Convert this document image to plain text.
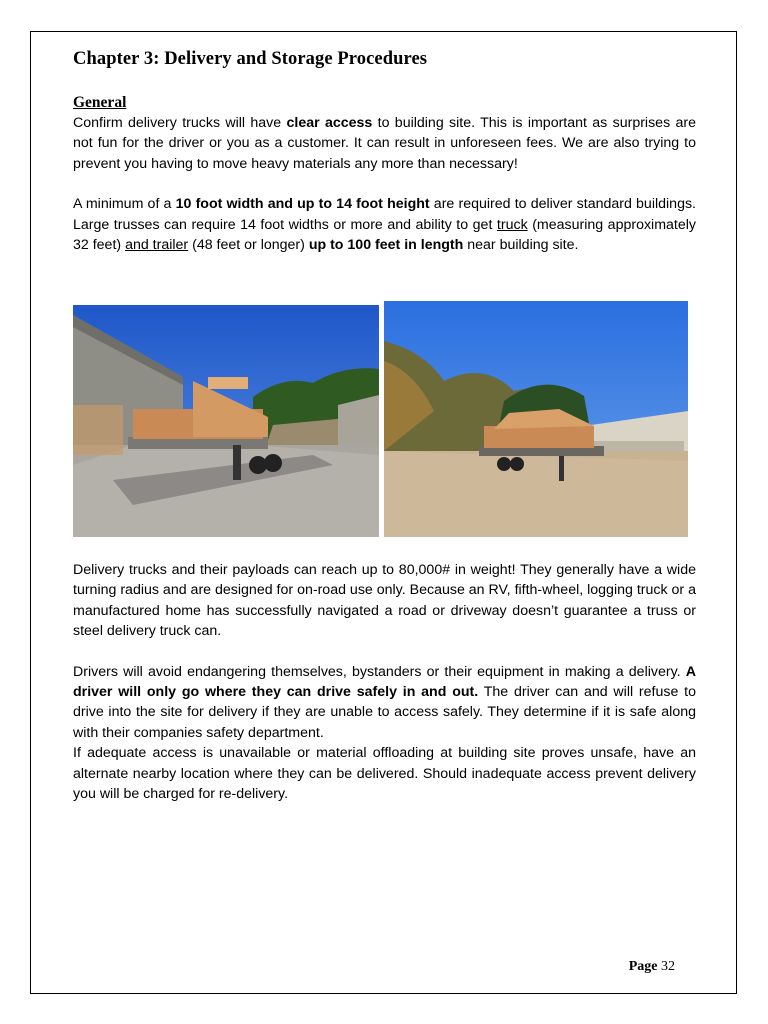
Chapter 3: Delivery and Storage Procedures
General

Confirm delivery trucks will have clear access to building site. This is important as surprises are not fun for the driver or you as a customer. It can result in unforeseen fees. We are also trying to prevent you having to move heavy materials any more than necessary!

A minimum of a 10 foot width and up to 14 foot height are required to deliver standard buildings. Large trusses can require 14 foot widths or more and ability to get truck (measuring approximately 32 feet) and trailer (48 feet or longer) up to 100 feet in length near building site.

Delivery trucks and their payloads can reach up to 80,000# in weight! They generally have a wide turning radius and are designed for on-road use only. Because an RV, fifth-wheel, logging truck or a manufactured home has successfully navigated a road or driveway doesn’t guarantee a truss or steel delivery truck can.

Drivers will avoid endangering themselves, bystanders or their equipment in making a delivery. A driver will only go where they can drive safely in and out. The driver can and will refuse to drive into the site for delivery if they are unable to access safely. They determine if it is safe along with their companies safety department.

If adequate access is unavailable or material offloading at building site proves unsafe, have an alternate nearby location where they can be delivered. Should inadequate access prevent delivery you will be charged for re-delivery.

Page 32
